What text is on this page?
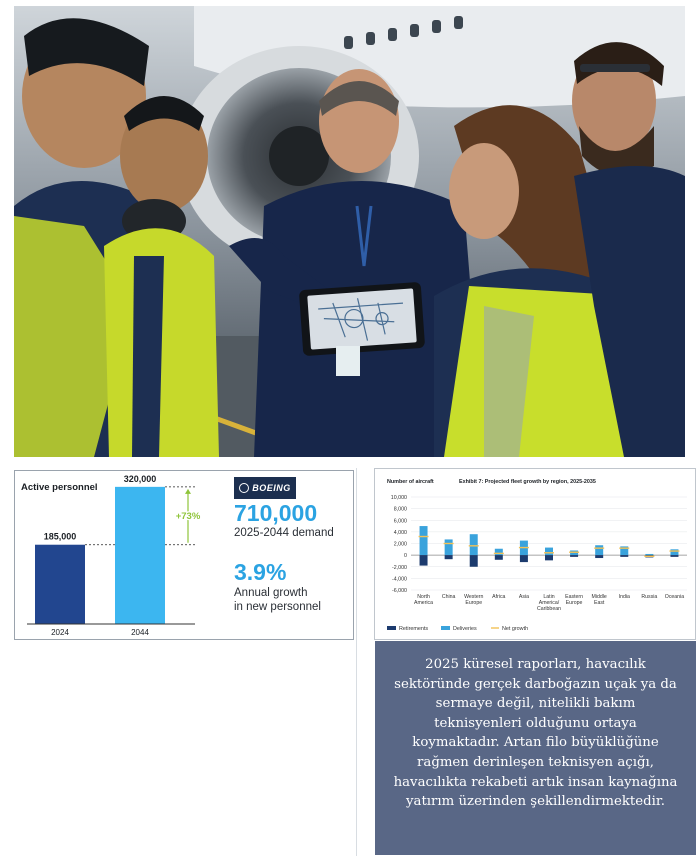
Active personnel
185,000
2024
320,000
2044
+73%
BOEING
710,000
2025-2044 demand
3.9%
Annual growth
in new personnel
Number of aircraft	Exhibit 7: Projected fleet growth by region, 2025-2035
10,000
8,000
6,000
4,000
2,000
0
-2,000
-4,000
-6,000
North
America
China Western
Europe
Africa	Asia	Latin
America/
Caribbean
Eastern
Europe
Middle
East
India Russia Oceania
Retirements	Deliveries	Net growth

2025 küresel raporları, havacılık sektöründe gerçek darboğazın uçak ya da sermaye değil, nitelikli bakım teknisyenleri olduğunu ortaya koymaktadır. Artan filo büyüklüğüne rağmen derinleşen teknisyen açığı, havacılıkta rekabeti artık insan kaynağına yatırım üzerinden şekillendirmektedir.
